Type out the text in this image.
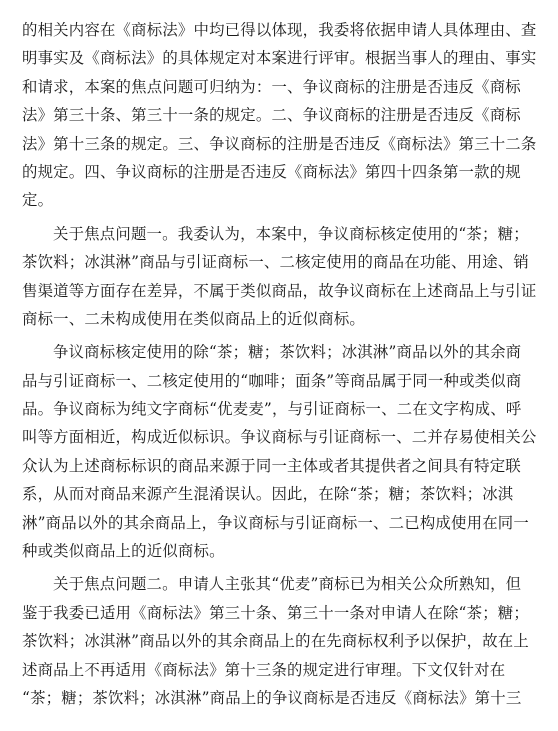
的相关内容在《商标法》中均已得以体现，我委将依据申请人具体理由、查
明事实及《商标法》的具体规定对本案进行评审。根据当事人的理由、事实
和请求，本案的焦点问题可归纳为：一、争议商标的注册是否违反《商标
法》第三十条、第三十一条的规定。二、争议商标的注册是否违反《商标
法》第十三条的规定。三、争议商标的注册是否违反《商标法》第三十二条
的规定。四、争议商标的注册是否违反《商标法》第四十四条第一款的规
定。
关于焦点问题一。我委认为，本案中，争议商标核定使用的“茶；糖；
茶饮料；冰淇淋”商品与引证商标一、二核定使用的商品在功能、用途、销
售渠道等方面存在差异，不属于类似商品，故争议商标在上述商品上与引证
商标一、二未构成使用在类似商品上的近似商标。
争议商标核定使用的除“茶；糖；茶饮料；冰淇淋”商品以外的其余商
品与引证商标一、二核定使用的“咖啡；面条”等商品属于同一种或类似商
品。争议商标为纯文字商标“优麦麦”，与引证商标一、二在文字构成、呼
叫等方面相近，构成近似标识。争议商标与引证商标一、二并存易使相关公
众认为上述商标标识的商品来源于同一主体或者其提供者之间具有特定联
系，从而对商品来源产生混淆误认。因此，在除“茶；糖；茶饮料；冰淇
淋”商品以外的其余商品上，争议商标与引证商标一、二已构成使用在同一
种或类似商品上的近似商标。
关于焦点问题二。申请人主张其“优麦”商标已为相关公众所熟知，但
鉴于我委已适用《商标法》第三十条、第三十一条对申请人在除“茶；糖；
茶饮料；冰淇淋”商品以外的其余商品上的在先商标权利予以保护，故在上
述商品上不再适用《商标法》第十三条的规定进行审理。下文仅针对在
“茶；糖；茶饮料；冰淇淋”商品上的争议商标是否违反《商标法》第十三
